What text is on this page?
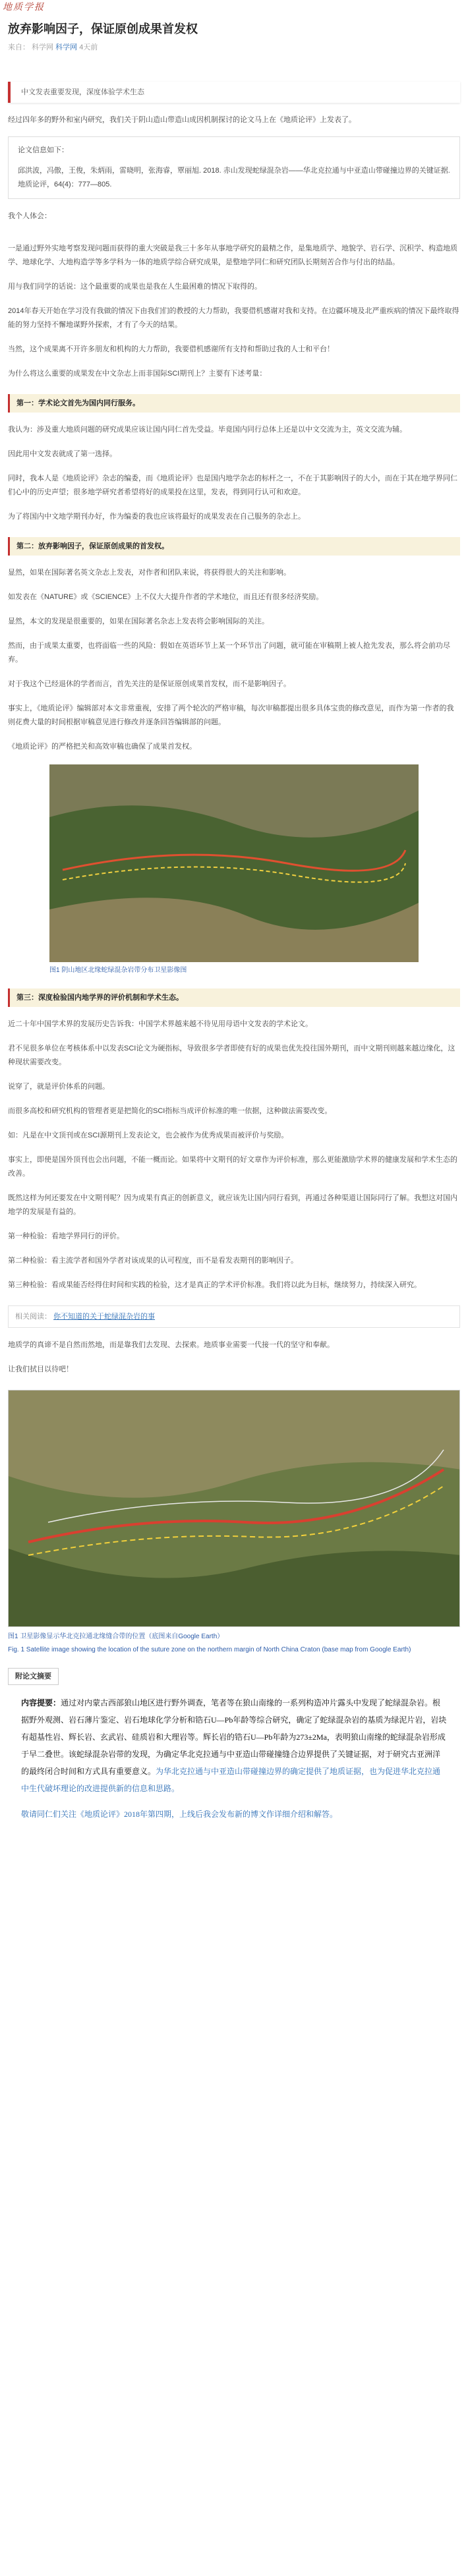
地质学报
放弃影响因子，保证原创成果首发权
来自： 科学网 科学网 4天前
中文发表重要发现，深度体验学术生态
经过四年多的野外和室内研究，我们关于阴山造山带造山成因机制探讨的论文马上在《地质论评》上发表了。
论文信息如下：
邱洪波，冯傲，王俊，朱炳雨，雷晓明，张海睿，覃丽旭. 2018. 赤山发现蛇绿混杂岩——华北克拉通与中亚造山带碰撞边界的关键证据. 地质论评，64(4)：777—805.
我个人体会：
一是通过野外实地考察发现问题而获得的重大突破是我三十多年从事地学研究的最精之作，是集地质学、地貌学、岩石学、沉积学、构造地质学、地球化学、大地构造学等多学科为一体的地质学综合研究成果，是整地学同仁和研究团队长期刻苦合作与付出的结晶。
用与我们同学的话说：这个最重要的成果也是我在人生最困难的情况下取得的。
2014年春天开始在学习没有我做的情况下由我们们的教授的大力帮助，我要借机感谢对我和支持。在边疆环境及北严重疾病的情况下最终取得能的努力坚持不懈地谋野外探索，才有了今天的结果。
当然，这个成果离不开许多朋友和机构的大力帮助，我要借机感谢所有支持和帮助过我的人士和平台！
为什么将这么重要的成果发在中文杂志上而非国际SCI期刊上？主要有下述考量：
第一：学术论文首先为国内同行服务。
我认为：涉及重大地质问题的研究成果应该让国内同仁首先受益。毕竟国内同行总体上还是以中文交流为主，英文交流为辅。
因此用中文发表就成了第一选择。
同时，我本人是《地质论评》杂志的编委，而《地质论评》也是国内地学杂志的标杆之一，不在于其影响因子的大小，而在于其在地学界同仁们心中的历史声望；很多地学研究者希望将好的成果投在这里，发表，得到同行认可和欢迎。
为了将国内中文地学期刊办好，作为编委的我也应该将最好的成果发表在自己服务的杂志上。
第二：放弃影响因子，保证原创成果的首发权。
显然，如果在国际著名英文杂志上发表，对作者和团队来说，将获得很大的关注和影响。
如发表在《NATURE》或《SCIENCE》上不仅大大提升作者的学术地位，而且还有很多经济奖励。
显然，本文的发现是很重要的，如果在国际著名杂志上发表将会影响国际的关注。
然而，由于成果太重要，也将面临一些的风险：假如在英语环节上某一个环节出了问题，就可能在审稿期上被人抢先发表，那么将会前功尽弃。
对于我这个已经退休的学者而言，首先关注的是保证原创成果首发权，而不是影响因子。
事实上，《地质论评》编辑部对本文非常重视，安排了两个轮次的严格审稿，每次审稿都提出很多具体宝贵的修改意见，而作为第一作者的我则花费大量的时间根据审稿意见进行修改并逐条回答编辑部的问题。
《地质论评》的严格把关和高效审稿也确保了成果首发权。
图1 阴山地区北缘蛇绿混杂岩带分布卫星影像图
第三：深度检验国内地学界的评价机制和学术生态。
近二十年中国学术界的发展历史告诉我：中国学术界越来越不待见用母语中文发表的学术论文。
君不见很多单位在考核体系中以发表SCI论文为硬指标，导致很多学者即使有好的成果也优先投往国外期刊，而中文期刊则越来越边缘化，这种现状需要改变。
说穿了，就是评价体系的问题。
而很多高校和研究机构的管理者更是把简化的SCI指标当成评价标准的唯一依据，这种做法需要改变。
如：凡是在中文顶刊或在SCI源期刊上发表论文，也会被作为优秀成果而被评价与奖励。
事实上，即使是国外顶刊也会出问题，不能一概而论。如果将中文期刊的好文章作为评价标准，那么更能激励学术界的健康发展和学术生态的改善。
既然这样为何还要发在中文期刊呢？因为成果有真正的创新意义，就应该先让国内同行看到，再通过各种渠道让国际同行了解。我想这对国内地学的发展是有益的。
第一种检验：看地学界同行的评价。
第二种检验：看主流学者和国外学者对该成果的认可程度，而不是看发表期刊的影响因子。
第三种检验：看成果能否经得住时间和实践的检验，这才是真正的学术评价标准。我们将以此为目标，继续努力，持续深入研究。
相关阅读： 你不知道的关于蛇绿混杂岩的事
地质学的真谛不是自然而然地，而是靠我们去发现、去探索。地质事业需要一代接一代的坚守和奉献。
让我们拭目以待吧！
图1 卫星影像显示华北克拉通北缘缝合带的位置（底图来自Google Earth）
Fig. 1 Satellite image showing the location of the suture zone on the northern margin of North China Craton (base map from Google Earth)
附论文摘要
内容提要：通过对内蒙古西部狼山地区进行野外调查，笔者等在狼山南缘的一系列构造冲片露头中发现了蛇绿混杂岩。根据野外观测、岩石薄片鉴定、岩石地球化学分析和锆石U—Pb年龄等综合研究，确定了蛇绿混杂岩的基质为绿泥片岩，岩块有超基性岩、辉长岩、玄武岩、硅质岩和大理岩等。辉长岩的锆石U—Pb年龄为273±2Ma，表明狼山南缘的蛇绿混杂岩形成于早二叠世。该蛇绿混杂岩带的发现，为确定华北克拉通与中亚造山带碰撞缝合边界提供了关键证据，对于研究古亚洲洋的最终闭合时间和方式具有重要意义。为华北克拉通与中亚造山带碰撞边界的确定提供了地质证据，也为促进华北克拉通中生代破坏理论的改进提供新的信息和思路。
敬请同仁们关注《地质论评》2018年第四期，上线后我会发布新的博文作详细介绍和解答。
